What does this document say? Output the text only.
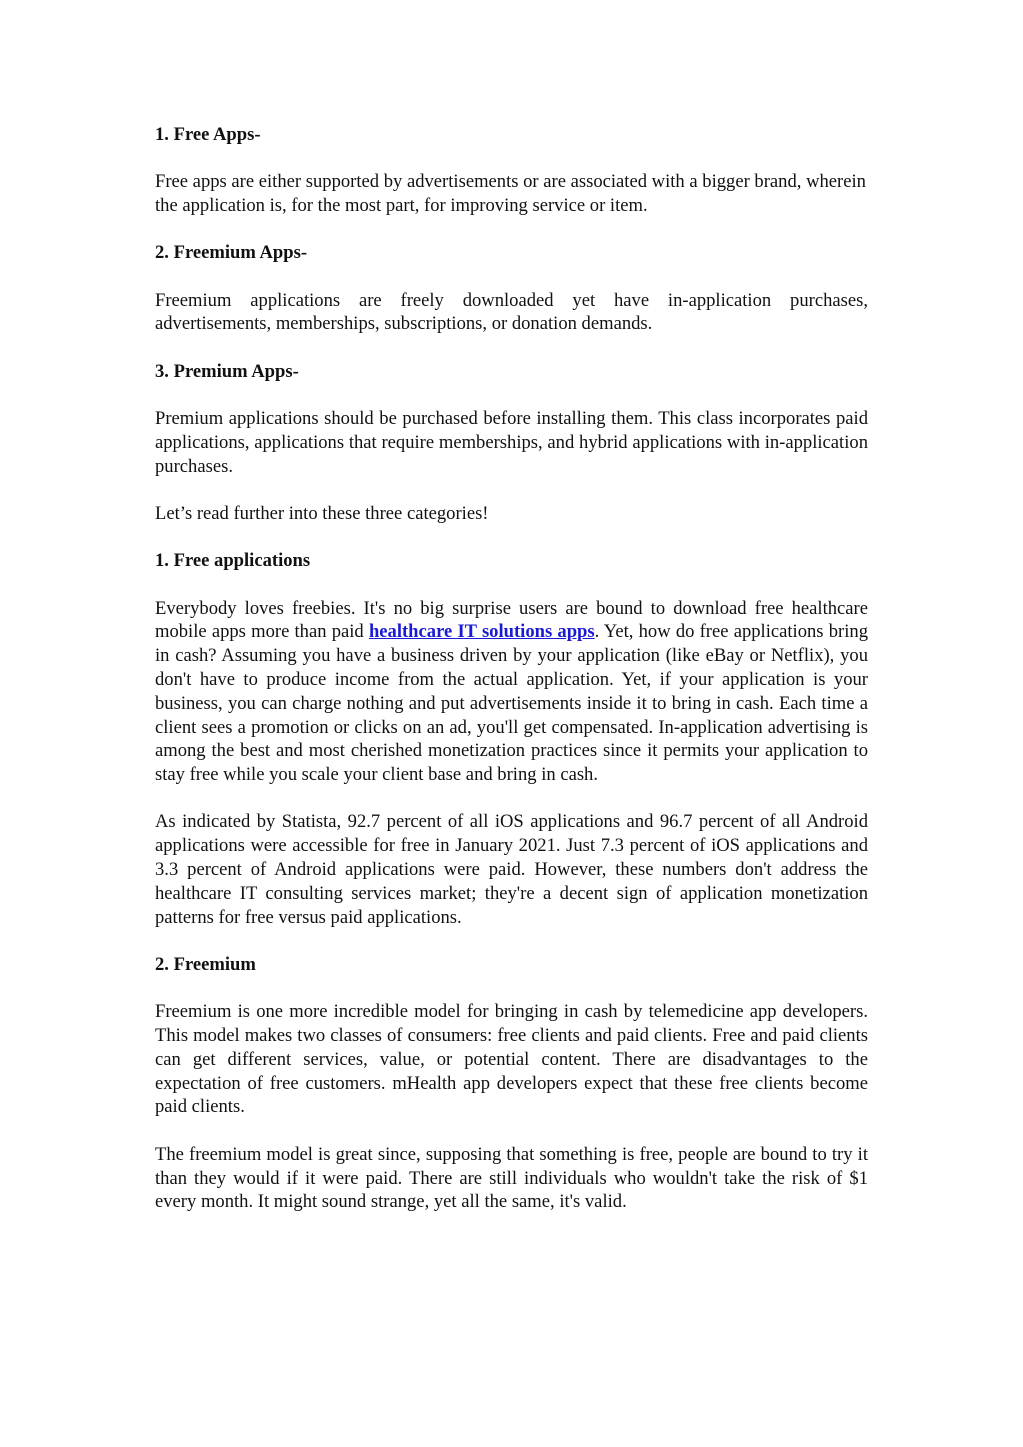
1. Free Apps-

Free apps are either supported by advertisements or are associated with a bigger brand, wherein the application is, for the most part, for improving service or item.

2. Freemium Apps-

Freemium applications are freely downloaded yet have in-application purchases, advertisements, memberships, subscriptions, or donation demands.

3. Premium Apps-

Premium applications should be purchased before installing them. This class incorporates paid applications, applications that require memberships, and hybrid applications with in-application purchases.

Let’s read further into these three categories!

1. Free applications

Everybody loves freebies. It's no big surprise users are bound to download free healthcare mobile apps more than paid healthcare IT solutions apps. Yet, how do free applications bring in cash? Assuming you have a business driven by your application (like eBay or Netflix), you don't have to produce income from the actual application. Yet, if your application is your business, you can charge nothing and put advertisements inside it to bring in cash. Each time a client sees a promotion or clicks on an ad, you'll get compensated. In-application advertising is among the best and most cherished monetization practices since it permits your application to stay free while you scale your client base and bring in cash.

As indicated by Statista, 92.7 percent of all iOS applications and 96.7 percent of all Android applications were accessible for free in January 2021. Just 7.3 percent of iOS applications and 3.3 percent of Android applications were paid. However, these numbers don't address the healthcare IT consulting services market; they're a decent sign of application monetization patterns for free versus paid applications.

2. Freemium

Freemium is one more incredible model for bringing in cash by telemedicine app developers. This model makes two classes of consumers: free clients and paid clients. Free and paid clients can get different services, value, or potential content. There are disadvantages to the expectation of free customers. mHealth app developers expect that these free clients become paid clients.

The freemium model is great since, supposing that something is free, people are bound to try it than they would if it were paid. There are still individuals who wouldn't take the risk of $1 every month. It might sound strange, yet all the same, it's valid.
